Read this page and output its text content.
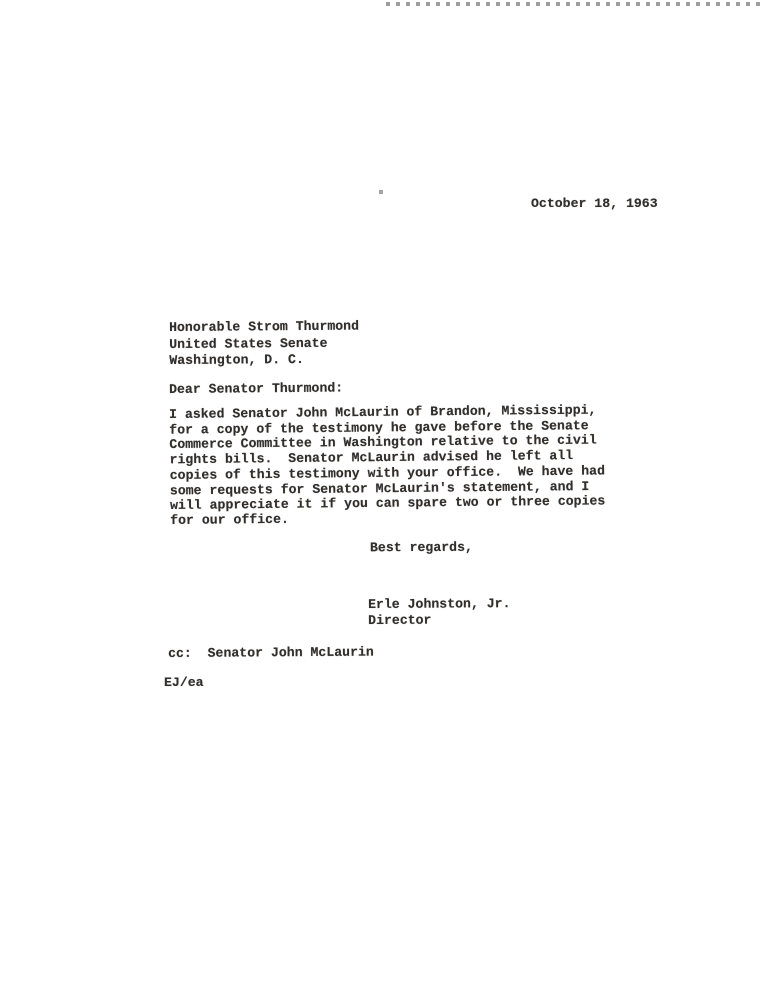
October 18, 1963
Honorable Strom Thurmond
United States Senate
Washington, D. C.
Dear Senator Thurmond:
I asked Senator John McLaurin of Brandon, Mississippi,
for a copy of the testimony he gave before the Senate
Commerce Committee in Washington relative to the civil
rights bills.  Senator McLaurin advised he left all
copies of this testimony with your office.  We have had
some requests for Senator McLaurin's statement, and I
will appreciate it if you can spare two or three copies
for our office.
Best regards,
Erle Johnston, Jr.
Director
cc:  Senator John McLaurin
EJ/ea
